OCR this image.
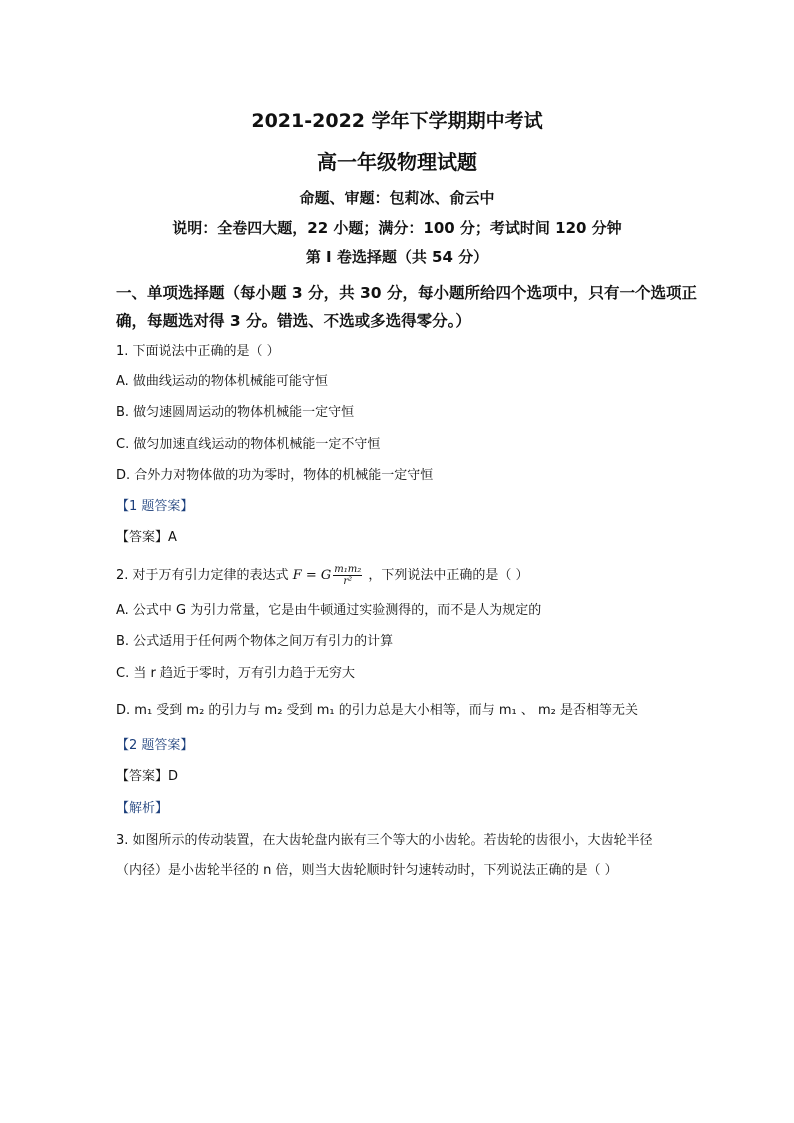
2021-2022 学年下学期期中考试
高一年级物理试题
命题、审题：包莉冰、俞云中
说明：全卷四大题，22 小题；满分：100 分；考试时间 120 分钟
第 I 卷选择题（共 54 分）
一、单项选择题（每小题 3 分，共 30 分，每小题所给四个选项中，只有一个选项正
确，每题选对得 3 分。错选、不选或多选得零分。）
1. 下面说法中正确的是（ ）
A. 做曲线运动的物体机械能可能守恒
B. 做匀速圆周运动的物体机械能一定守恒
C. 做匀加速直线运动的物体机械能一定不守恒
D. 合外力对物体做的功为零时，物体的机械能一定守恒
【1 题答案】
【答案】A
2. 对于万有引力定律的表达式 F = G $\frac{\text{m₁m₂}}{\text{r²}}$ ，下列说法中正确的是（ ）
A. 公式中 G 为引力常量，它是由牛顿通过实验测得的，而不是人为规定的
B. 公式适用于任何两个物体之间万有引力的计算
C. 当 r 趋近于零时，万有引力趋于无穷大
D. m₁ 受到 m₂ 的引力与 m₂ 受到 m₁ 的引力总是大小相等，而与 m₁ 、 m₂ 是否相等无关
【2 题答案】
【答案】D
【解析】
3. 如图所示的传动装置，在大齿轮盘内嵌有三个等大的小齿轮。若齿轮的齿很小，大齿轮半径
（内径）是小齿轮半径的 n 倍，则当大齿轮顺时针匀速转动时，下列说法正确的是（ ）
